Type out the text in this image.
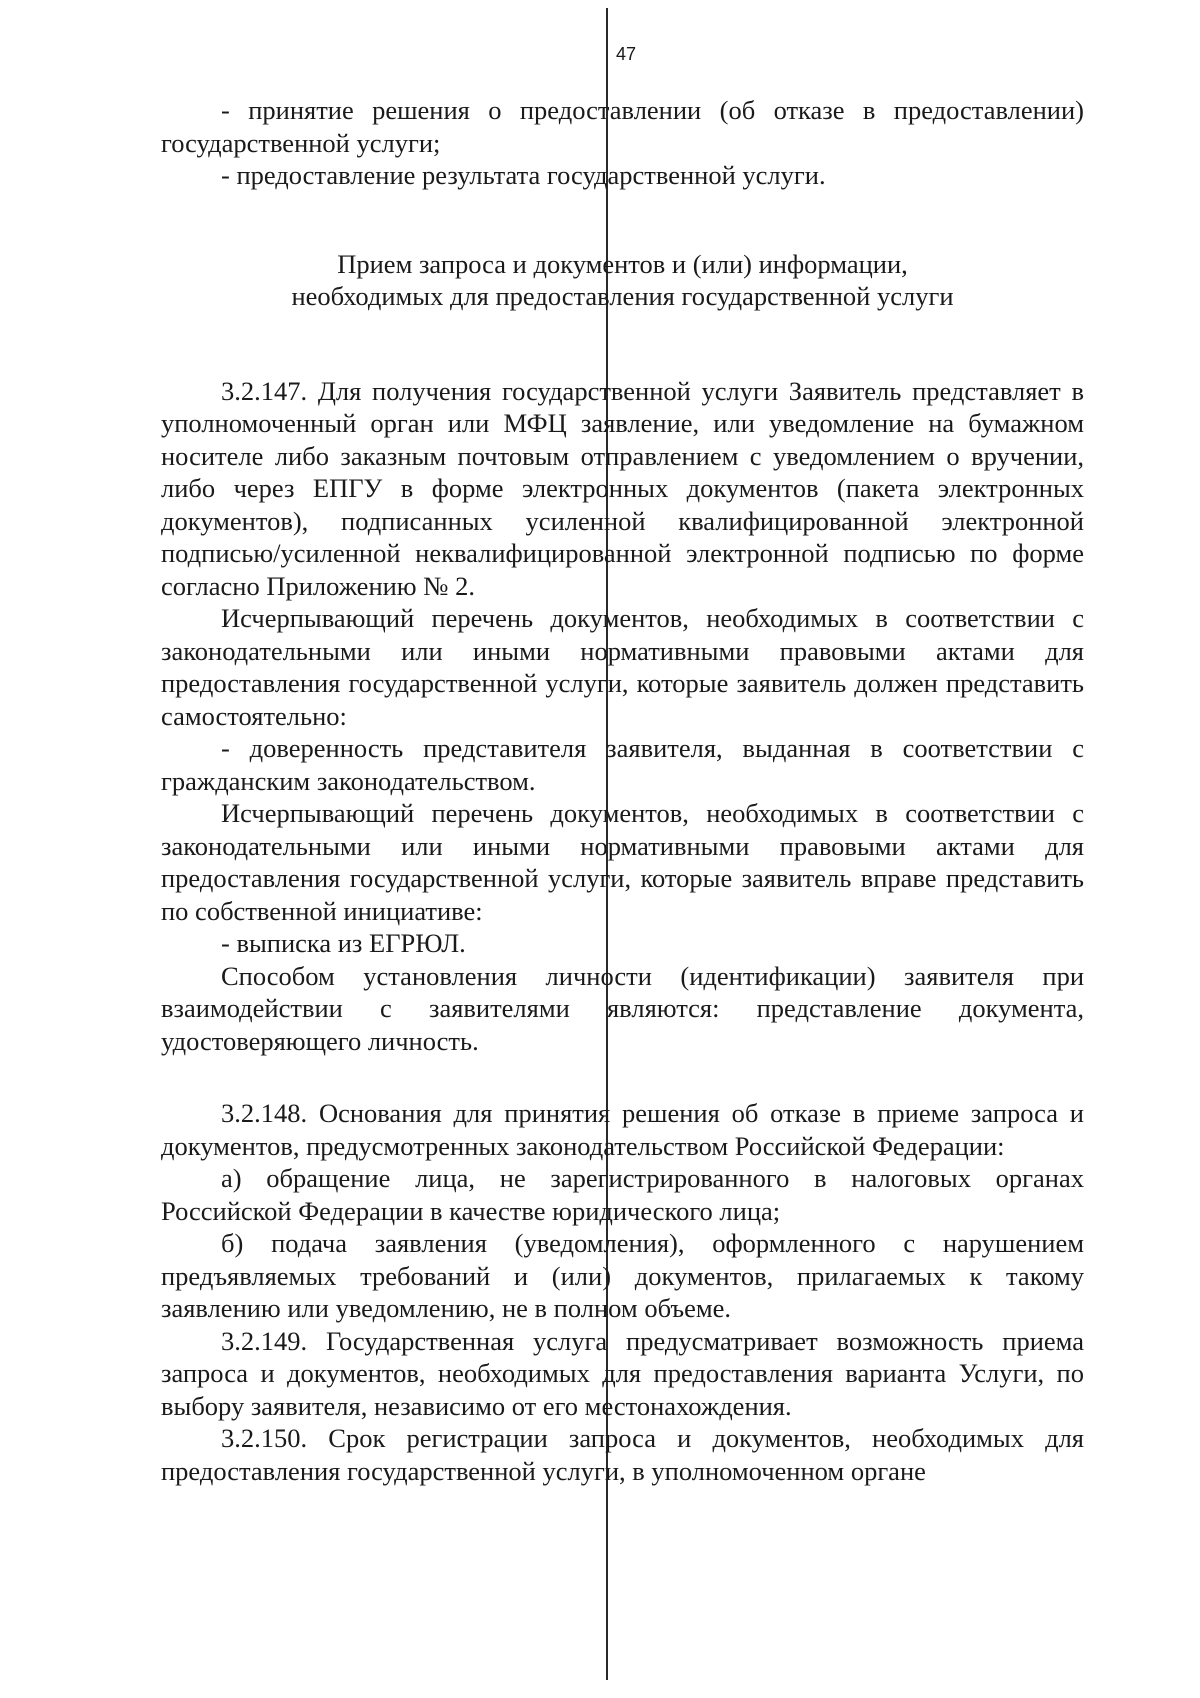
47

- принятие решения о предоставлении (об отказе в предоставлении) государственной услуги;

- предоставление результата государственной услуги.

Прием запроса и документов и (или) информации, необходимых для предоставления государственной услуги

3.2.147. Для получения государственной услуги Заявитель представляет в уполномоченный орган или МФЦ заявление, или уведомление на бумажном носителе либо заказным почтовым отправлением с уведомлением о вручении, либо через ЕПГУ в форме электронных документов (пакета электронных документов), подписанных усиленной квалифицированной электронной подписью/усиленной неквалифицированной электронной подписью по форме согласно Приложению № 2.

Исчерпывающий перечень документов, необходимых в соответствии с законодательными или иными нормативными правовыми актами для предоставления государственной услуги, которые заявитель должен представить самостоятельно:

- доверенность представителя заявителя, выданная в соответствии с гражданским законодательством.

Исчерпывающий перечень документов, необходимых в соответствии с законодательными или иными нормативными правовыми актами для предоставления государственной услуги, которые заявитель вправе представить по собственной инициативе:

- выписка из ЕГРЮЛ.

Способом установления личности (идентификации) заявителя при взаимодействии с заявителями являются: представление документа, удостоверяющего личность.

3.2.148. Основания для принятия решения об отказе в приеме запроса и документов, предусмотренных законодательством Российской Федерации:

а) обращение лица, не зарегистрированного в налоговых органах Российской Федерации в качестве юридического лица;

б) подача заявления (уведомления), оформленного с нарушением предъявляемых требований и (или) документов, прилагаемых к такому заявлению или уведомлению, не в полном объеме.

3.2.149. Государственная услуга предусматривает возможность приема запроса и документов, необходимых для предоставления варианта Услуги, по выбору заявителя, независимо от его местонахождения.

3.2.150. Срок регистрации запроса и документов, необходимых для предоставления государственной услуги, в уполномоченном органе
